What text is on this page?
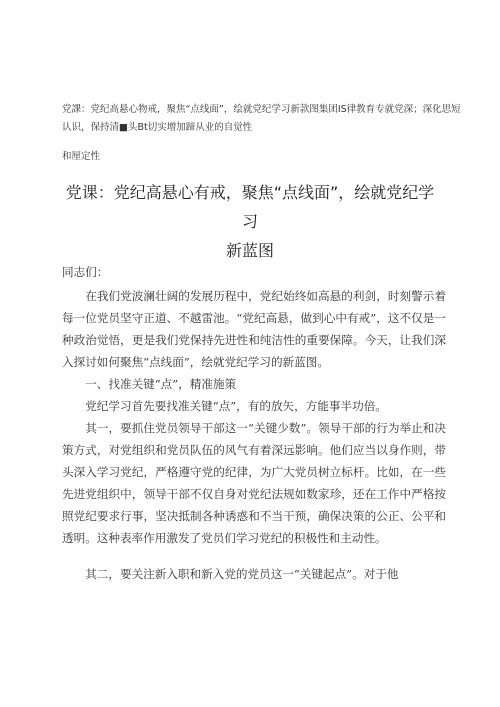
党課：党纪高悬心物戒，聚焦“点线面”，绘就党纪学习新款图集团IS律教育专就党深；深化思短认识，保持清■头Bt切实增加蹄从业的自觉性
和厘定性
党课：党纪高悬心有戒，聚焦“点线面”，绘就党纪学习
新蓝图

同志们：

在我们党波澜壮阔的发展历程中，党纪始终如高悬的利剑，时刻警示着每一位党员坚守正道、不越雷池。“党纪高悬，做到心中有戒”，这不仅是一种政治觉悟，更是我们党保持先进性和纯洁性的重要保障。今天，让我们深入探讨如何聚焦“点线面”，绘就党纪学习的新蓝图。

一、找准关键“点”，精准施策

党纪学习首先要找准关键“点”，有的放矢，方能事半功倍。

其一，要抓住党员领导干部这一“关键少数”。领导干部的行为举止和决策方式，对党组织和党员队伍的风气有着深远影响。他们应当以身作则，带头深入学习党纪，严格遵守党的纪律，为广大党员树立标杆。比如，在一些先进党组织中，领导干部不仅自身对党纪法规如数家珍，还在工作中严格按照党纪要求行事，坚决抵制各种诱惑和不当干预，确保决策的公正、公平和透明。这种表率作用激发了党员们学习党纪的积极性和主动性。

其二，要关注新入职和新入党的党员这一“关键起点”。对于他
